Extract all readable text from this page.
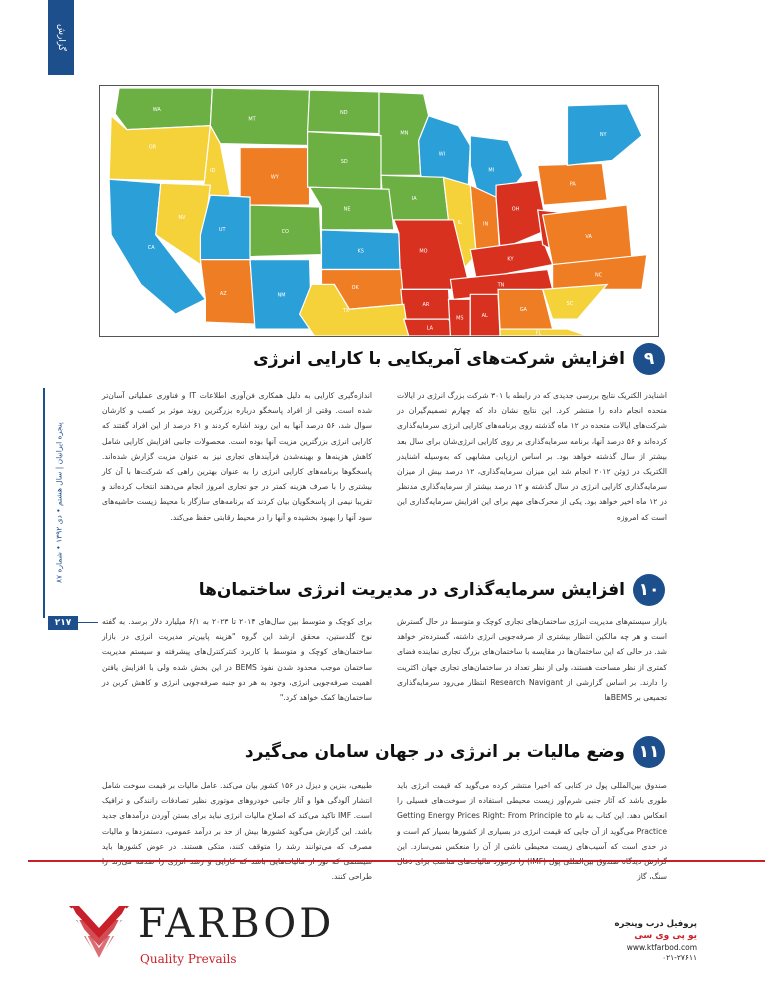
گزارش
پنجره ایرانیان | سال هشتم • دی ۱۳۹۲ • شماره ۸۷
۲۱۷
WA
MT
ND
MN
WI
MI
OR
ID
WY
SD
IA
IL	IN
OH
PA
NY
CA
NV
UT	CO
NE
KS	MO
KY
VA
AZ	NM
OK
AR
TN
NC
TX
LA
MS	AL
GA
SC
FL
۹
افزایش شرکت‌های آمریکایی با کارایی انرژی
اشنایدر الکتریک نتایج بررسی جدیدی که در رابطه با ۳۰۱ شرکت بزرگ انرژی در ایالات متحده انجام داده را منتشر کرد. این نتایج نشان داد که چهارم تصمیم‌گیران در شرکت‌های ایالات متحده در ۱۲ ماه گذشته روی برنامه‌های کارایی انرژی سرمایه‌گذاری کرده‌اند و ۵۶ درصد آنها، برنامه سرمایه‌گذاری بر روی کارایی انرژی‌شان برای سال بعد بیشتر از سال گذشته خواهد بود. بر اساس ارزیابی مشابهی که به‌وسیله اشنایدر الکتریک در ژوئن ۲۰۱۲ انجام شد این میزان سرمایه‌گذاری، ۱۲ درصد بیش از میزان سرمایه‌گذاری کارایی انرژی در سال گذشته و ۱۲ درصد بیشتر از سرمایه‌گذاری مدنظر در ۱۲ ماه اخیر خواهد بود. یکی از محرک‌های مهم برای این افزایش سرمایه‌گذاری این است که امروزه
اندازه‌گیری کارایی به دلیل همکاری فن‌آوری اطلاعات IT و فناوری عملیاتی آسان‌تر شده است. وقتی از افراد پاسخگو درباره بزرگترین روند موثر بر کسب و کارشان سوال شد، ۵۶ درصد آنها به این روند اشاره کردند و ۶۱ درصد از این افراد گفتند که کارایی انرژی بزرگترین مزیت آنها بوده است. محصولات جانبی افزایش کارایی شامل کاهش هزینه‌ها و بهینه‌شدن فرآیندهای تجاری نیز به عنوان مزیت گزارش شده‌اند. پاسخگوها برنامه‌های کارایی انرژی را به عنوان بهترین راهی که شرکت‌ها با آن کار بیشتری را با صرف هزینه کمتر در جو تجاری امروز انجام می‌دهند انتخاب کرده‌اند و تقریبا نیمی از پاسخگویان بیان کردند که برنامه‌های سازگار با محیط زیست حاشیه‌های سود آنها را بهبود بخشیده و آنها را در محیط رقابتی حفظ می‌کند.
۱۰
افزایش سرمایه‌گذاری در مدیریت انرژی ساختمان‌ها
بازار سیستم‌های مدیریت انرژی ساختمان‌های تجاری کوچک و متوسط در حال گسترش است و هر چه مالکین انتظار بیشتری از صرفه‌جویی انرژی داشته، گسترده‌تر خواهد شد. در حالی که این ساختمان‌ها در مقایسه با ساختمان‌های بزرگ تجاری نماینده فضای کمتری از نظر مساحت هستند، ولی از نظر تعداد در ساختمان‌های تجاری جهان اکثریت را دارند. بر اساس گزارشی از Research Navigant انتظار می‌رود سرمایه‌گذاری تجمیعی بر BEMSها
برای کوچک و متوسط بین سال‌های ۲۰۱۴ تا ۲۰۲۳ به ۶/۱ میلیارد دلار برسد. به گفته نوح گلدستین، محقق ارشد این گروه "هزینه پایین‌تر مدیریت انرژی در بازار ساختمان‌های کوچک و متوسط با کاربرد کنترکنترل‌های پیشرفته و سیستم مدیریت ساختمان موجب محدود شدن نفوذ BEMS در این بخش شده ولی با افزایش یافتن اهمیت صرفه‌جویی انرژی، وجود به هر دو جنبه صرفه‌جویی انرژی و کاهش کربن در ساختمان‌ها کمک خواهد کرد."
۱۱
وضع مالیات بر انرژی در جهان سامان می‌گیرد
صندوق بین‌المللی پول در کتابی که اخیرا منتشر کرده می‌گوید که قیمت انرژی باید طوری باشد که آثار جنبی شرم‌آور زیست محیطی استفاده از سوخت‌های فسیلی را انعکاس دهد. این کتاب به نام Getting Energy Prices Right: From Principle to Practice می‌گوید از آن جایی که قیمت انرژی در بسیاری از کشورها بسیار کم است و در حدی است که آسیب‌های زیست محیطی ناشی از آن را منعکس نمی‌سازد. این سنگ، گاز
طبیعی، بنزین و دیزل در ۱۵۶ کشور بیان می‌کند. عامل مالیات بر قیمت سوخت شامل انتشار آلودگی هوا و آثار جانبی خودروهای موتوری نظیر تصادفات رانندگی و ترافیک است. IMF تاکید می‌کند که اصلاح مالیات انرژی نباید برای بستن آوردن درآمدهای جدید باشد. این گزارش می‌گوید کشورها بیش از حد بر درآمد عمومی، دستمزدها و مالیات مصرف که می‌توانند رشد را متوقف کنند، متکی هستند. در عوض کشورها باید طراحی کنند.
FARBOD
Quality Prevails
پروفیل درب وپنجره
یو پی وی سی
www.ktfarbod.com
۰۲۱-۲۷۶۱۱
